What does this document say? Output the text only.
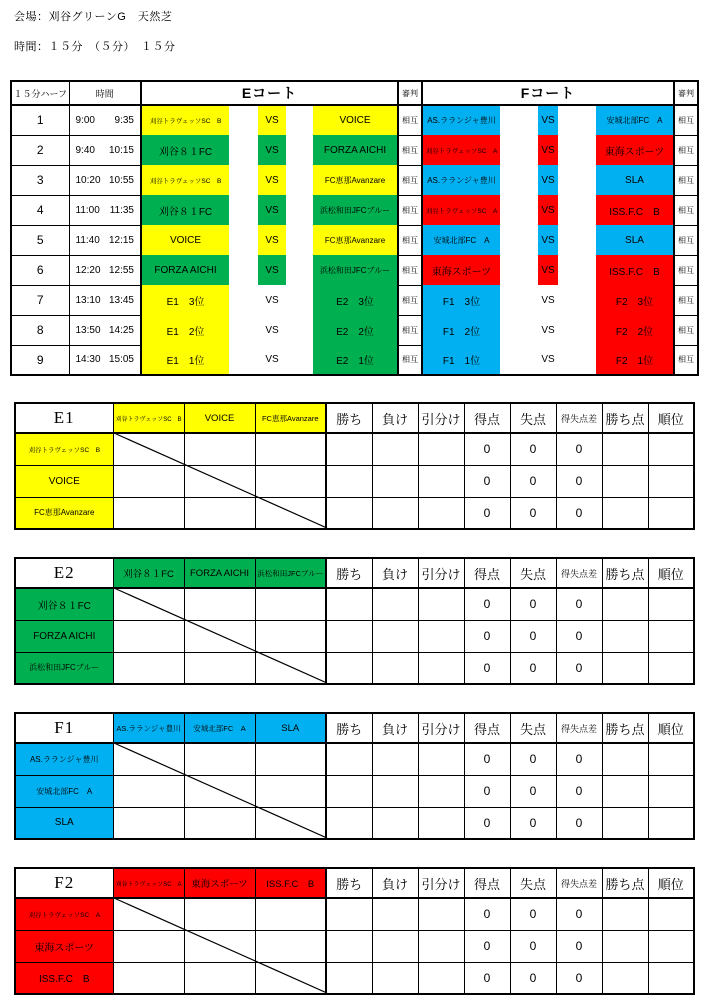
会場：刈谷グリーンG　天然芝
時間：１５分　（５分）　１５分
１５分ハーフ	時間	Eコート					審判	Fコート					審判
1	9:00 9:35	刈谷トラヴェッソSC　B		VS		VOICE	相互	AS.ラランジャ豊川		VS		安城北部FC　A	相互
2	9:40 10:15	刈谷８１FC		VS		FORZA AICHI	相互	刈谷トラヴェッソSC　A		VS		東海スポーツ	相互
3	10:20 10:55	刈谷トラヴェッソSC　B		VS		FC恵那Avanzare	相互	AS.ラランジャ豊川		VS		SLA	相互
4	11:00 11:35	刈谷８１FC		VS		浜松和田JFCブルー	相互	刈谷トラヴェッソSC　A		VS		ISS.F.C　B	相互
5	11:40 12:15	VOICE		VS		FC恵那Avanzare	相互	安城北部FC　A		VS		SLA	相互
6	12:20 12:55	FORZA AICHI		VS		浜松和田JFCブルー	相互	東海スポーツ		VS		ISS.F.C　B	相互
7	13:10 13:45	E1　3位		VS		E2　3位	相互	F1　3位		VS		F2　3位	相互
8	13:50 14:25	E1　2位		VS		E2　2位	相互	F1　2位		VS		F2　2位	相互
9	14:30 15:05	E1　1位		VS		E2　1位	相互	F1　1位		VS		F2　1位	相互
E1	刈谷トラヴェッソSC　B	VOICE	FC恵那Avanzare	勝ち	負け	引分け	得点	失点	得失点差	勝ち点	順位
刈谷トラヴェッソSC　B							0	0	0		
VOICE							0	0	0		
FC恵那Avanzare							0	0	0		
E2	刈谷８１FC	FORZA AICHI	浜松和田JFCブルー	勝ち	負け	引分け	得点	失点	得失点差	勝ち点	順位
刈谷８１FC							0	0	0		
FORZA AICHI							0	0	0		
浜松和田JFCブルー							0	0	0		
F1	AS.ラランジャ豊川	安城北部FC　A	SLA	勝ち	負け	引分け	得点	失点	得失点差	勝ち点	順位
AS.ラランジャ豊川							0	0	0		
安城北部FC　A							0	0	0		
SLA							0	0	0		
F2	刈谷トラヴェッソSC　A	東海スポーツ	ISS.F.C　B	勝ち	負け	引分け	得点	失点	得失点差	勝ち点	順位
刈谷トラヴェッソSC　A							0	0	0		
東海スポーツ							0	0	0		
ISS.F.C　B							0	0	0		
